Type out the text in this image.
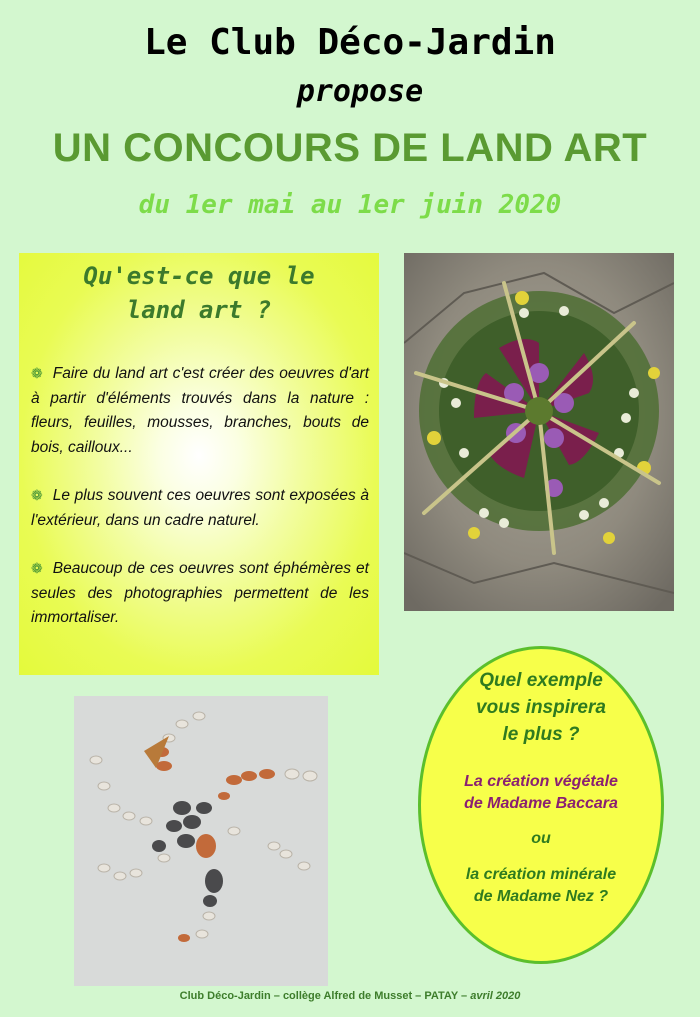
Le Club Déco-Jardin
propose
UN CONCOURS DE LAND ART
du 1er mai au 1er juin 2020
Qu'est-ce que le
land art ?

❁ Faire du land art c'est créer des oeuvres d'art à partir d'éléments trouvés dans la nature : fleurs, feuilles, mousses, branches, bouts de bois, cailloux...

❁ Le plus souvent ces oeuvres sont exposées à l'extérieur, dans un cadre naturel.

❁ Beaucoup de ces oeuvres sont éphémères et seules des photographies permettent de les immortaliser.

Quel exemple
vous inspirera
le plus ?
La création végétale
de Madame Baccara
ou
la création minérale
de Madame Nez ?
Club Déco-Jardin – collège Alfred de Musset – PATAY – avril 2020
